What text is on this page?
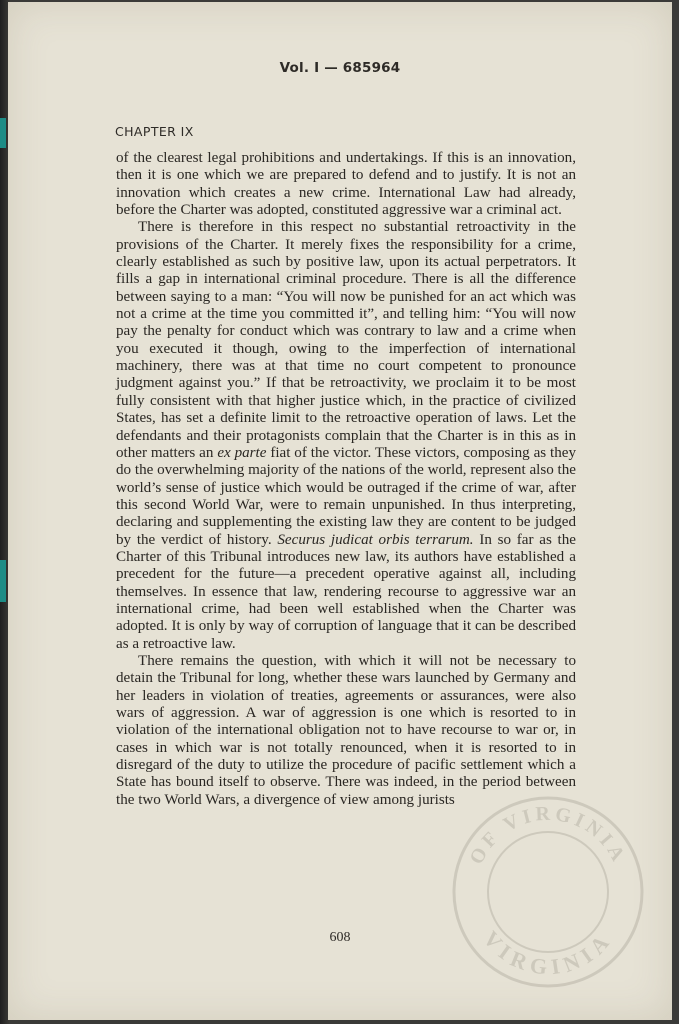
Vol. I — 685964
CHAPTER IX

of the clearest legal prohibitions and undertakings. If this is an innovation, then it is one which we are prepared to defend and to justify. It is not an innovation which creates a new crime. International Law had already, before the Charter was adopted, constituted aggressive war a criminal act.

There is therefore in this respect no substantial retroactivity in the provisions of the Charter. It merely fixes the responsibility for a crime, clearly established as such by positive law, upon its actual perpetrators. It fills a gap in international criminal procedure. There is all the difference between saying to a man: “You will now be punished for an act which was not a crime at the time you committed it”, and telling him: “You will now pay the penalty for conduct which was contrary to law and a crime when you executed it though, owing to the imperfection of international machinery, there was at that time no court competent to pronounce judgment against you.” If that be retroactivity, we proclaim it to be most fully consistent with that higher justice which, in the practice of civilized States, has set a definite limit to the retroactive operation of laws. Let the defendants and their protagonists complain that the Charter is in this as in other matters an ex parte fiat of the victor. These victors, composing as they do the overwhelming majority of the nations of the world, represent also the world’s sense of justice which would be outraged if the crime of war, after this second World War, were to remain unpunished. In thus interpreting, declaring and supplementing the existing law they are content to be judged by the verdict of history. Securus judicat orbis terrarum. In so far as the Charter of this Tribunal introduces new law, its authors have established a precedent for the future—a precedent operative against all, including themselves. In essence that law, rendering recourse to aggressive war an international crime, had been well established when the Charter was adopted. It is only by way of corruption of language that it can be described as a retroactive law.

There remains the question, with which it will not be necessary to detain the Tribunal for long, whether these wars launched by Germany and her leaders in violation of treaties, agreements or assurances, were also wars of aggression. A war of aggression is one which is resorted to in violation of the international obligation not to have recourse to war or, in cases in which war is not totally renounced, when it is resorted to in disregard of the duty to utilize the procedure of pacific settlement which a State has bound itself to observe. There was indeed, in the period between the two World Wars, a divergence of view among jurists

608
OF VIRGINIA
VIRGINIA
